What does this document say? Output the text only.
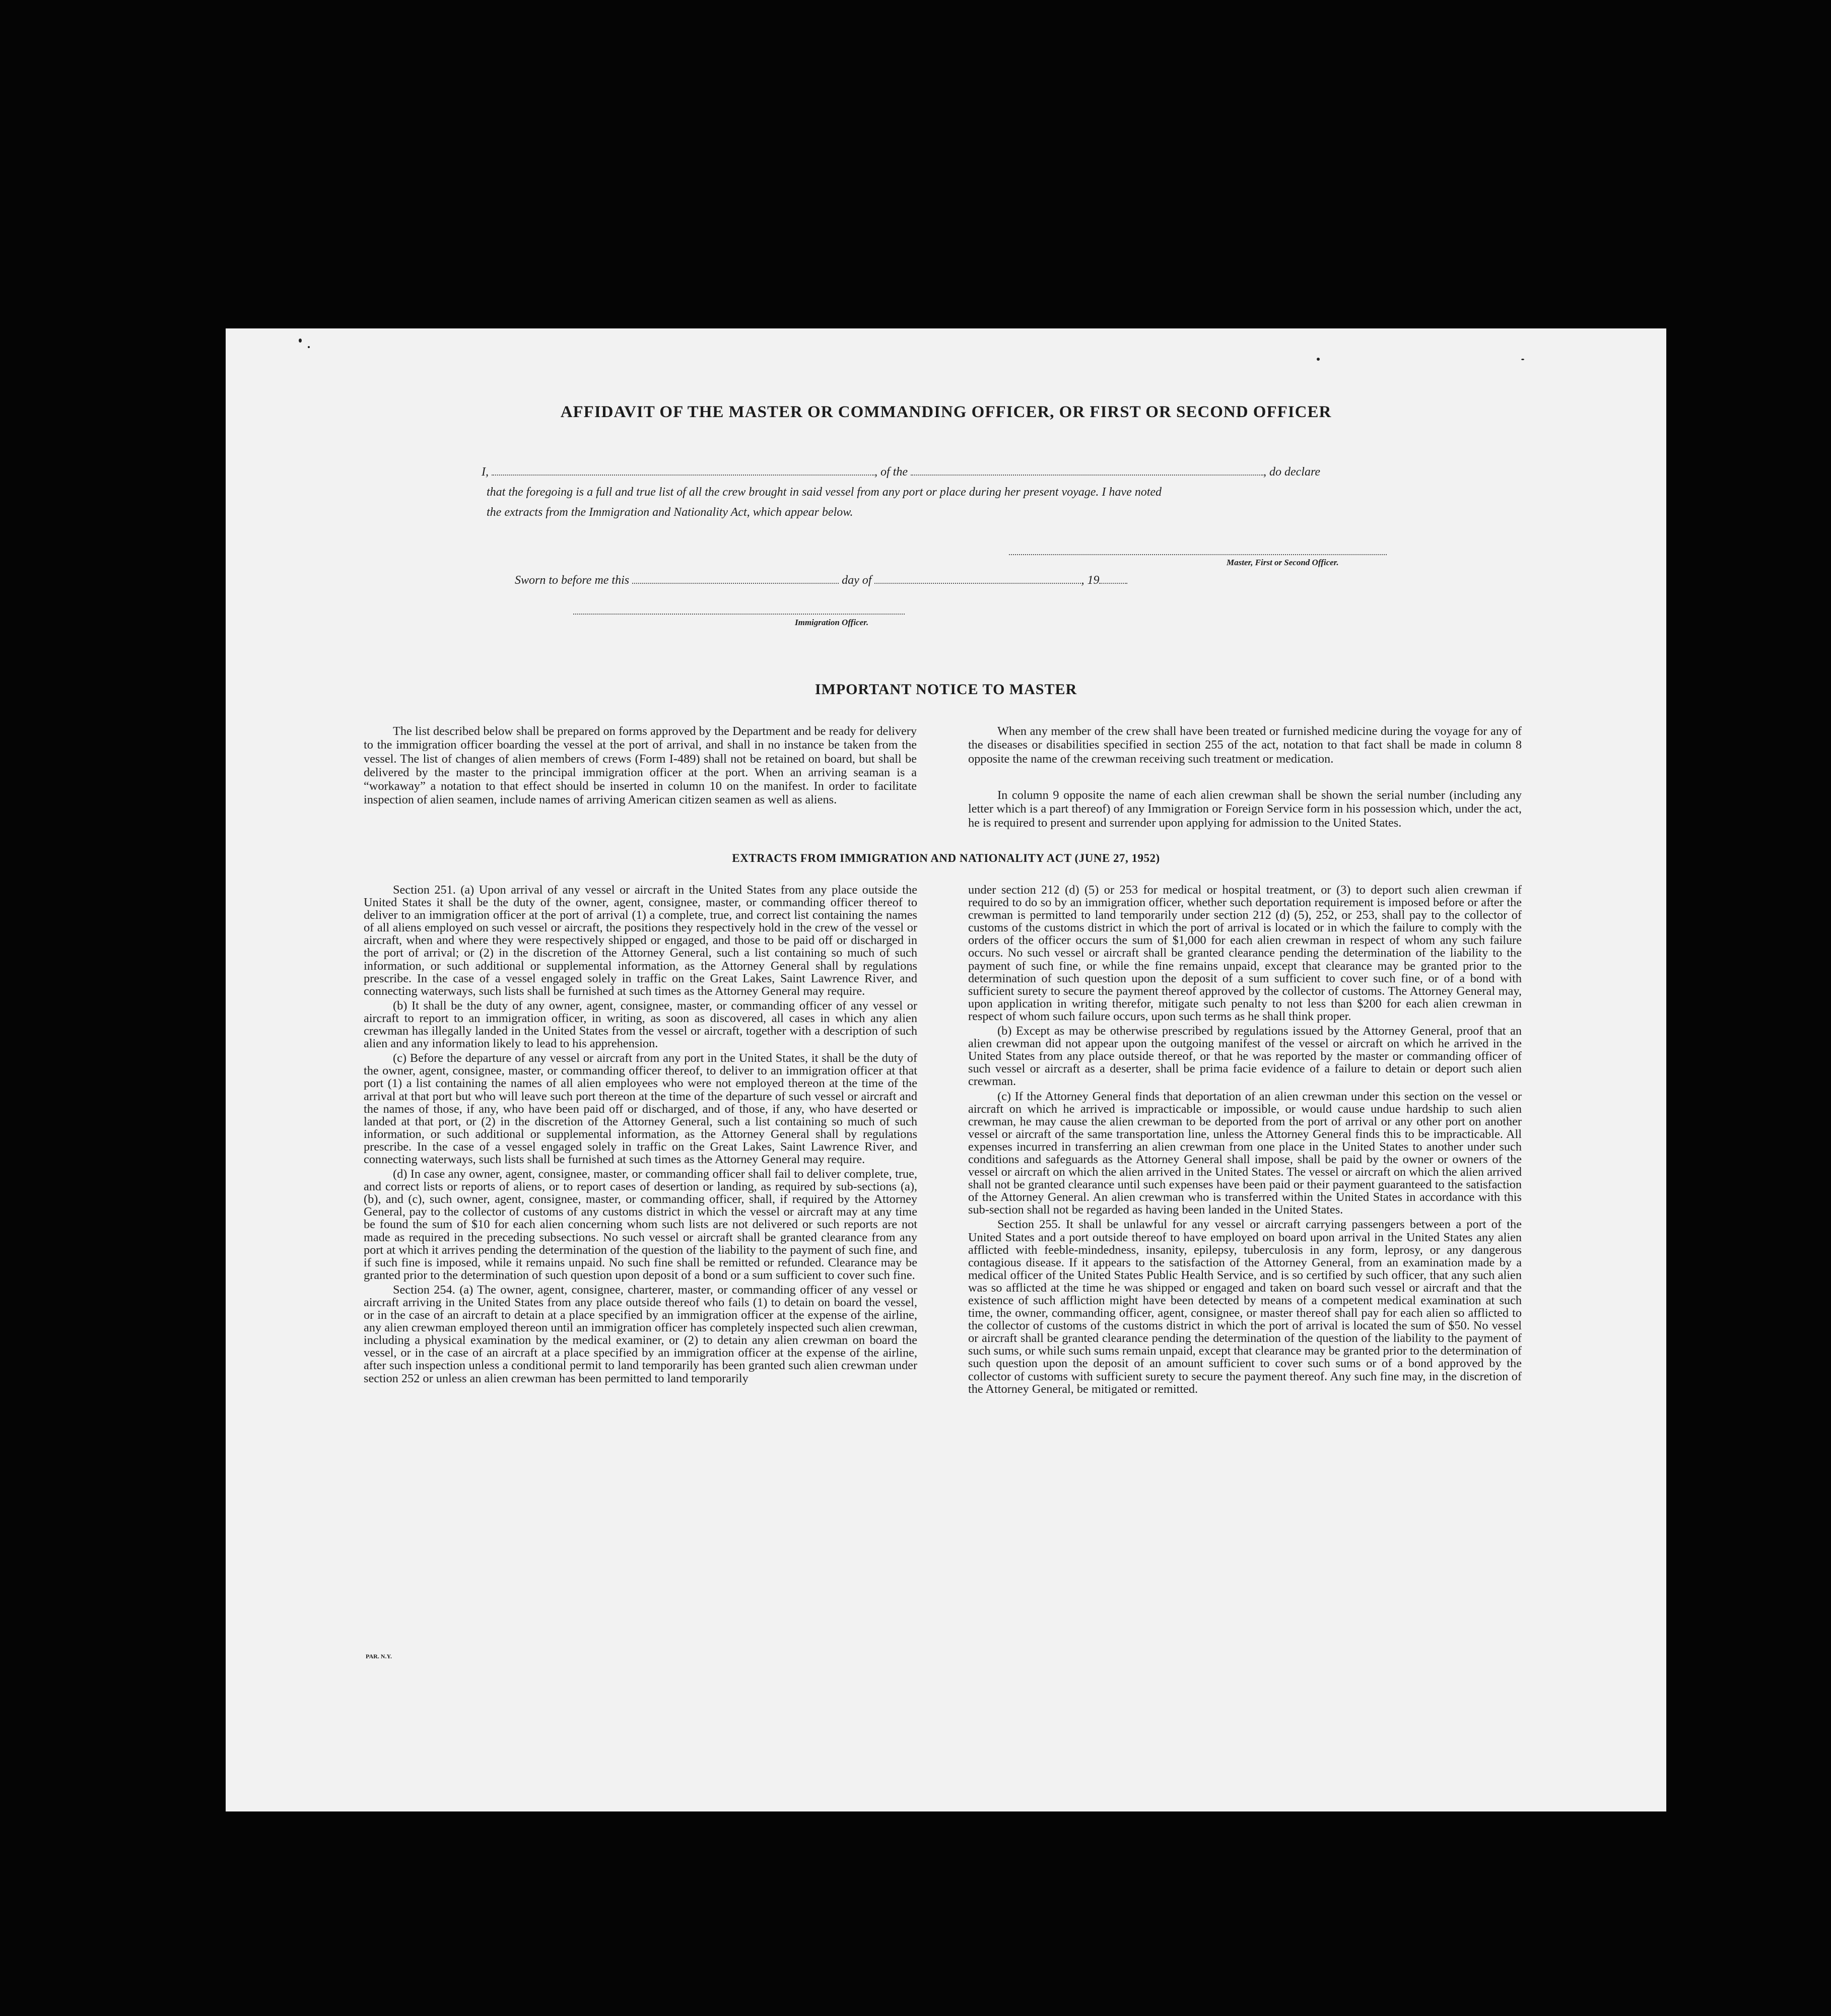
AFFIDAVIT OF THE MASTER OR COMMANDING OFFICER, OR FIRST OR SECOND OFFICER
I,	, of the	, do declare
that the foregoing is a full and true list of all the crew brought in said vessel from any port or place during her present voyage. I have noted
the extracts from the Immigration and Nationality Act, which appear below.
Master, First or Second Officer.
Sworn to before me this	day of	, 19
Immigration Officer.
IMPORTANT NOTICE TO MASTER

The list described below shall be prepared on forms approved by the Department and be ready for delivery to the immigration officer boarding the vessel at the port of arrival, and shall in no instance be taken from the vessel. The list of changes of alien members of crews (Form I-489) shall not be retained on board, but shall be delivered by the master to the principal immigration officer at the port. When an arriving seaman is a “workaway” a notation to that effect should be inserted in column 10 on the manifest. In order to facilitate inspection of alien seamen, include names of arriving American citizen seamen as well as aliens.

When any member of the crew shall have been treated or furnished medicine during the voyage for any of the diseases or disabilities specified in section 255 of the act, notation to that fact shall be made in column 8 opposite the name of the crewman receiving such treatment or medication.

In column 9 opposite the name of each alien crewman shall be shown the serial number (including any letter which is a part thereof) of any Immigration or Foreign Service form in his possession which, under the act, he is required to present and surrender upon applying for admission to the United States.

EXTRACTS FROM IMMIGRATION AND NATIONALITY ACT (JUNE 27, 1952)

Section 251. (a) Upon arrival of any vessel or aircraft in the United States from any place outside the United States it shall be the duty of the owner, agent, consignee, master, or commanding officer thereof to deliver to an immigration officer at the port of arrival (1) a complete, true, and correct list containing the names of all aliens employed on such vessel or aircraft, the positions they respectively hold in the crew of the vessel or aircraft, when and where they were respectively shipped or engaged, and those to be paid off or discharged in the port of arrival; or (2) in the discretion of the Attorney General, such a list containing so much of such information, or such additional or supplemental information, as the Attorney General shall by regulations prescribe. In the case of a vessel engaged solely in traffic on the Great Lakes, Saint Lawrence River, and connecting waterways, such lists shall be furnished at such times as the Attorney General may require.

(b) It shall be the duty of any owner, agent, consignee, master, or commanding officer of any vessel or aircraft to report to an immigration officer, in writing, as soon as discovered, all cases in which any alien crewman has illegally landed in the United States from the vessel or aircraft, together with a description of such alien and any information likely to lead to his apprehension.

(c) Before the departure of any vessel or aircraft from any port in the United States, it shall be the duty of the owner, agent, consignee, master, or commanding officer thereof, to deliver to an immigration officer at that port (1) a list containing the names of all alien employees who were not employed thereon at the time of the arrival at that port but who will leave such port thereon at the time of the departure of such vessel or aircraft and the names of those, if any, who have been paid off or discharged, and of those, if any, who have deserted or landed at that port, or (2) in the discretion of the Attorney General, such a list containing so much of such information, or such additional or supplemental information, as the Attorney General shall by regulations prescribe. In the case of a vessel engaged solely in traffic on the Great Lakes, Saint Lawrence River, and connecting waterways, such lists shall be furnished at such times as the Attorney General may require.

(d) In case any owner, agent, consignee, master, or commanding officer shall fail to deliver complete, true, and correct lists or reports of aliens, or to report cases of desertion or landing, as required by sub-sections (a), (b), and (c), such owner, agent, consignee, master, or commanding officer, shall, if required by the Attorney General, pay to the collector of customs of any customs district in which the vessel or aircraft may at any time be found the sum of $10 for each alien concerning whom such lists are not delivered or such reports are not made as required in the preceding subsections. No such vessel or aircraft shall be granted clearance from any port at which it arrives pending the determination of the question of the liability to the payment of such fine, and if such fine is imposed, while it remains unpaid. No such fine shall be remitted or refunded. Clearance may be granted prior to the determination of such question upon deposit of a bond or a sum sufficient to cover such fine.

Section 254. (a) The owner, agent, consignee, charterer, master, or commanding officer of any vessel or aircraft arriving in the United States from any place outside thereof who fails (1) to detain on board the vessel, or in the case of an aircraft to detain at a place specified by an immigration officer at the expense of the airline, any alien crewman employed thereon until an immigration officer has completely inspected such alien crewman, including a physical examination by the medical examiner, or (2) to detain any alien crewman on board the vessel, or in the case of an aircraft at a place specified by an immigration officer at the expense of the airline, after such inspection unless a conditional permit to land temporarily has been granted such alien crewman under section 252 or unless an alien crewman has been permitted to land temporarily

under section 212 (d) (5) or 253 for medical or hospital treatment, or (3) to deport such alien crewman if required to do so by an immigration officer, whether such deportation requirement is imposed before or after the crewman is permitted to land temporarily under section 212 (d) (5), 252, or 253, shall pay to the collector of customs of the customs district in which the port of arrival is located or in which the failure to comply with the orders of the officer occurs the sum of $1,000 for each alien crewman in respect of whom any such failure occurs. No such vessel or aircraft shall be granted clearance pending the determination of the liability to the payment of such fine, or while the fine remains unpaid, except that clearance may be granted prior to the determination of such question upon the deposit of a sum sufficient to cover such fine, or of a bond with sufficient surety to secure the payment thereof approved by the collector of customs. The Attorney General may, upon application in writing therefor, mitigate such penalty to not less than $200 for each alien crewman in respect of whom such failure occurs, upon such terms as he shall think proper.

(b) Except as may be otherwise prescribed by regulations issued by the Attorney General, proof that an alien crewman did not appear upon the outgoing manifest of the vessel or aircraft on which he arrived in the United States from any place outside thereof, or that he was reported by the master or commanding officer of such vessel or aircraft as a deserter, shall be prima facie evidence of a failure to detain or deport such alien crewman.

(c) If the Attorney General finds that deportation of an alien crewman under this section on the vessel or aircraft on which he arrived is impracticable or impossible, or would cause undue hardship to such alien crewman, he may cause the alien crewman to be deported from the port of arrival or any other port on another vessel or aircraft of the same transportation line, unless the Attorney General finds this to be impracticable. All expenses incurred in transferring an alien crewman from one place in the United States to another under such conditions and safeguards as the Attorney General shall impose, shall be paid by the owner or owners of the vessel or aircraft on which the alien arrived in the United States. The vessel or aircraft on which the alien arrived shall not be granted clearance until such expenses have been paid or their payment guaranteed to the satisfaction of the Attorney General. An alien crewman who is transferred within the United States in accordance with this sub-section shall not be regarded as having been landed in the United States.

Section 255. It shall be unlawful for any vessel or aircraft carrying passengers between a port of the United States and a port outside thereof to have employed on board upon arrival in the United States any alien afflicted with feeble-mindedness, insanity, epilepsy, tuberculosis in any form, leprosy, or any dangerous contagious disease. If it appears to the satisfaction of the Attorney General, from an examination made by a medical officer of the United States Public Health Service, and is so certified by such officer, that any such alien was so afflicted at the time he was shipped or engaged and taken on board such vessel or aircraft and that the existence of such affliction might have been detected by means of a competent medical examination at such time, the owner, commanding officer, agent, consignee, or master thereof shall pay for each alien so afflicted to the collector of customs of the customs district in which the port of arrival is located the sum of $50. No vessel or aircraft shall be granted clearance pending the determination of the question of the liability to the payment of such sums, or while such sums remain unpaid, except that clearance may be granted prior to the determination of such question upon the deposit of an amount sufficient to cover such sums or of a bond approved by the collector of customs with sufficient surety to secure the payment thereof. Any such fine may, in the discretion of the Attorney General, be mitigated or remitted.

PAR. N.Y.
